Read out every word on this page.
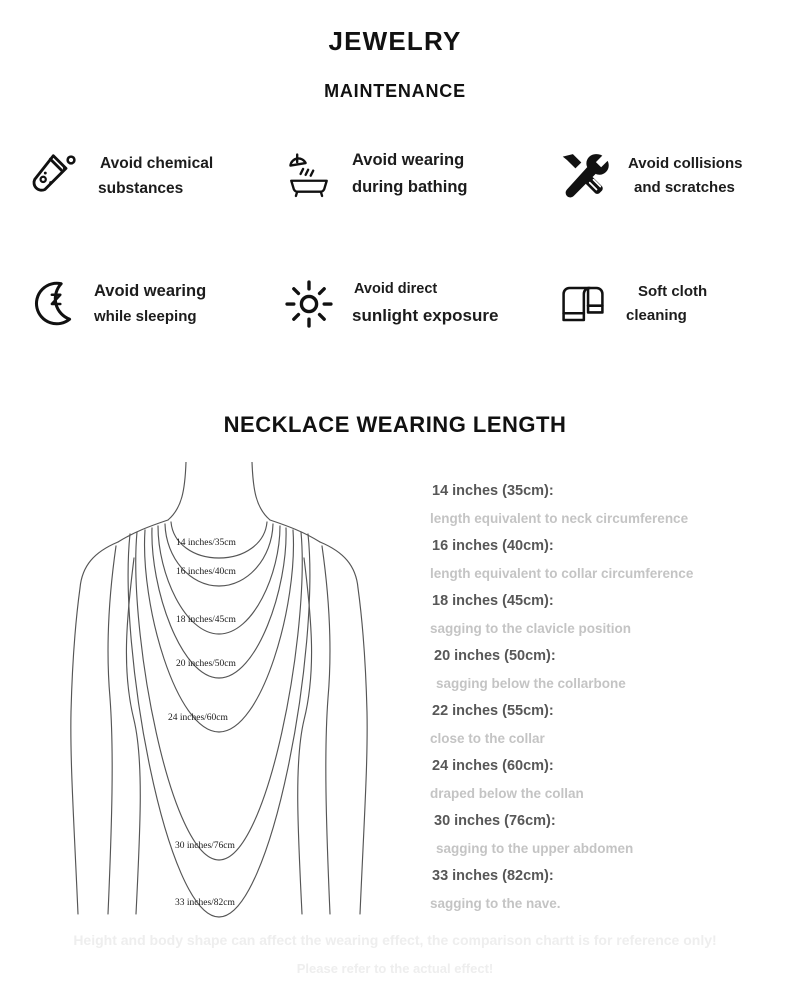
JEWELRY
MAINTENANCE
Avoid chemical
substances
Avoid wearing
during bathing
Avoid collisions
and scratches
Avoid wearing
while sleeping
Avoid direct
sunlight exposure
Soft cloth
cleaning
NECKLACE WEARING LENGTH
14 inches/35cm
16 inches/40cm
18 inches/45cm
20 inches/50cm
24 inches/60cm
30 inches/76cm
33 inches/82cm
14 inches (35cm):
length equivalent to neck circumference
16 inches (40cm):
length equivalent to collar circumference
18 inches (45cm):
sagging to the clavicle position
20 inches (50cm):
sagging below the collarbone
22 inches (55cm):
close to the collar
24 inches (60cm):
draped below the collan
30 inches (76cm):
sagging to the upper abdomen
33 inches (82cm):
sagging to the nave.
Height and body shape can affect the wearing effect, the comparison chartt is for reference only!
Please refer to the actual effect!
